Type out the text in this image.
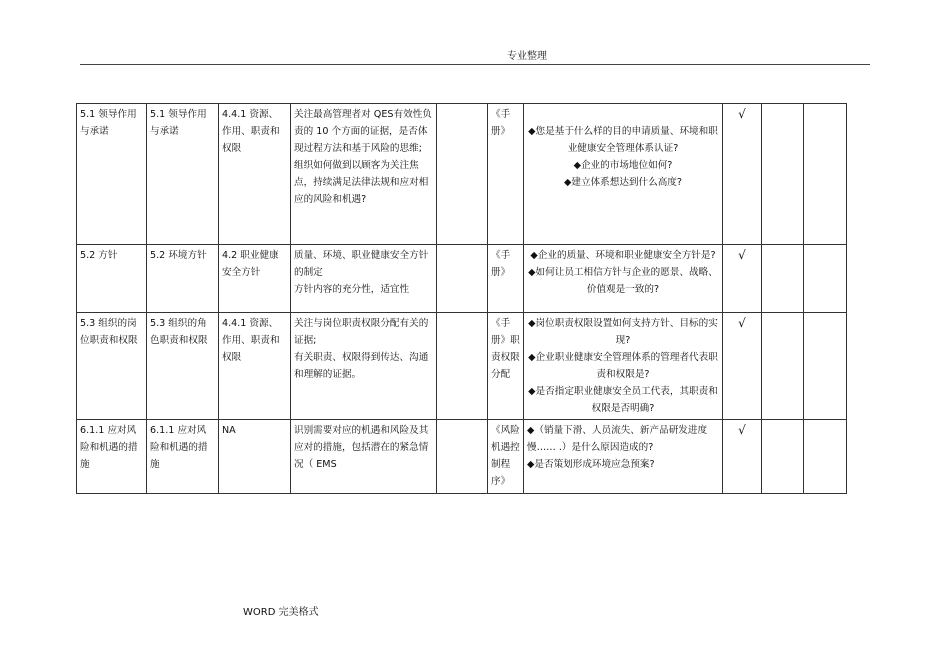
专业整理
5.1 领导作用与承诺	5.1 领导作用与承诺	4.4.1 资源、作用、职责和权限	关注最高管理者对 QES有效性负责的 10 个方面的证据，是否体现过程方法和基于风险的思维;
组织如何做到以顾客为关注焦点，持续满足法律法规和应对相应的风险和机遇?		《手册》	◆您是基于什么样的目的申请质量、环境和职业健康安全管理体系认证?
◆企业的市场地位如何?
◆建立体系想达到什么高度?	√		
5.2 方针	5.2 环境方针	4.2 职业健康安全方针	质量、环境、职业健康安全方针的制定
方针内容的充分性，适宜性		《手册》	◆企业的质量、环境和职业健康安全方针是?
◆如何让员工相信方针与企业的愿景、战略、价值观是一致的?	√		
5.3 组织的岗位职责和权限	5.3 组织的角色职责和权限	4.4.1 资源、作用、职责和权限	关注与岗位职责权限分配有关的证据;
有关职责、权限得到传达、沟通和理解的证据。		《手册》职责权限分配	◆岗位职责权限设置如何支持方针、目标的实现?
◆企业职业健康安全管理体系的管理者代表职责和权限是?
◆是否指定职业健康安全员工代表，其职责和权限是否明确?	√		
6.1.1 应对风险和机遇的措施	6.1.1 应对风险和机遇的措施	NA	识别需要对应的机遇和风险及其应对的措施，包括潜在的紧急情况（ EMS		《风险机遇控制程序》	◆（销量下滑、人员流失、新产品研发进度慢…… .）是什么原因造成的?
◆是否策划形成环境应急预案?	√		
WORD 完美格式
